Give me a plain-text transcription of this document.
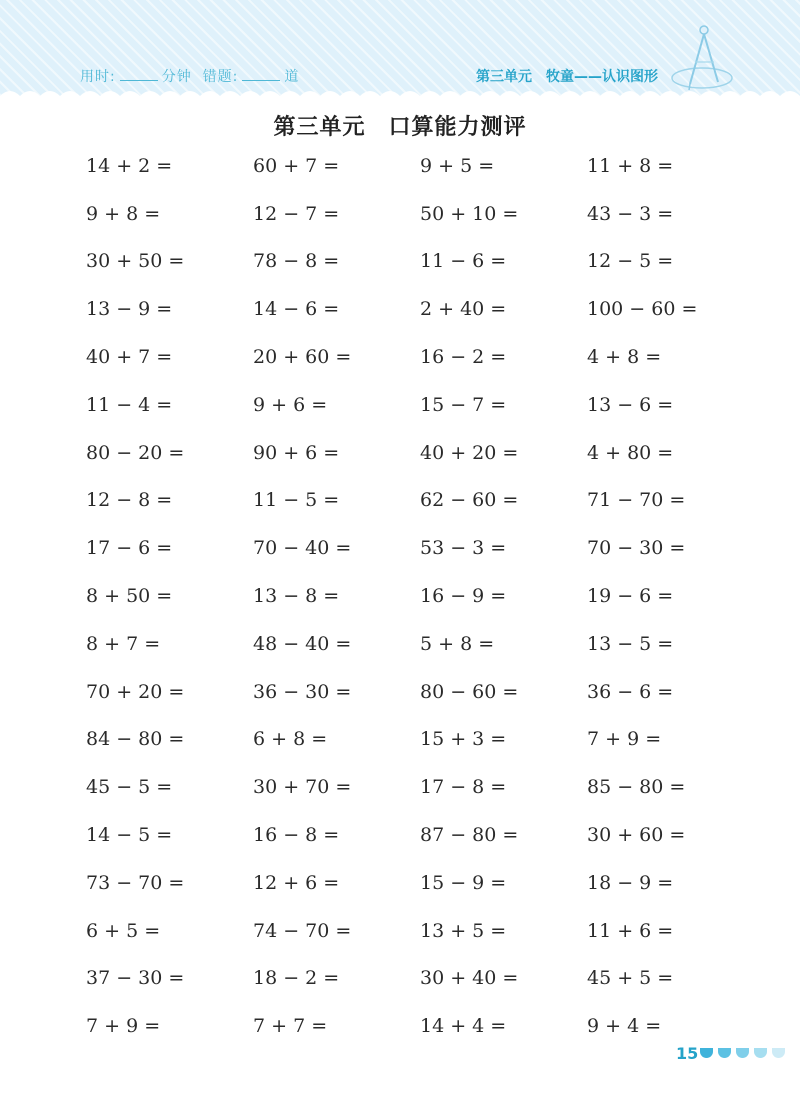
用时:	分钟 错题:	道	第三单元　牧童——认识图形
第三单元　口算能力测评
14 + 2 =	60 + 7 =	9 + 5 =	11 + 8 =
9 + 8 =	12 − 7 =	50 + 10 =	43 − 3 =
30 + 50 =	78 − 8 =	11 − 6 =	12 − 5 =
13 − 9 =	14 − 6 =	2 + 40 =	100 − 60 =
40 + 7 =	20 + 60 =	16 − 2 =	4 + 8 =
11 − 4 =	9 + 6 =	15 − 7 =	13 − 6 =
80 − 20 =	90 + 6 =	40 + 20 =	4 + 80 =
12 − 8 =	11 − 5 =	62 − 60 =	71 − 70 =
17 − 6 =	70 − 40 =	53 − 3 =	70 − 30 =
8 + 50 =	13 − 8 =	16 − 9 =	19 − 6 =
8 + 7 =	48 − 40 =	5 + 8 =	13 − 5 =
70 + 20 =	36 − 30 =	80 − 60 =	36 − 6 =
84 − 80 =	6 + 8 =	15 + 3 =	7 + 9 =
45 − 5 =	30 + 70 =	17 − 8 =	85 − 80 =
14 − 5 =	16 − 8 =	87 − 80 =	30 + 60 =
73 − 70 =	12 + 6 =	15 − 9 =	18 − 9 =
6 + 5 =	74 − 70 =	13 + 5 =	11 + 6 =
37 − 30 =	18 − 2 =	30 + 40 =	45 + 5 =
7 + 9 =	7 + 7 =	14 + 4 =	9 + 4 =
15
